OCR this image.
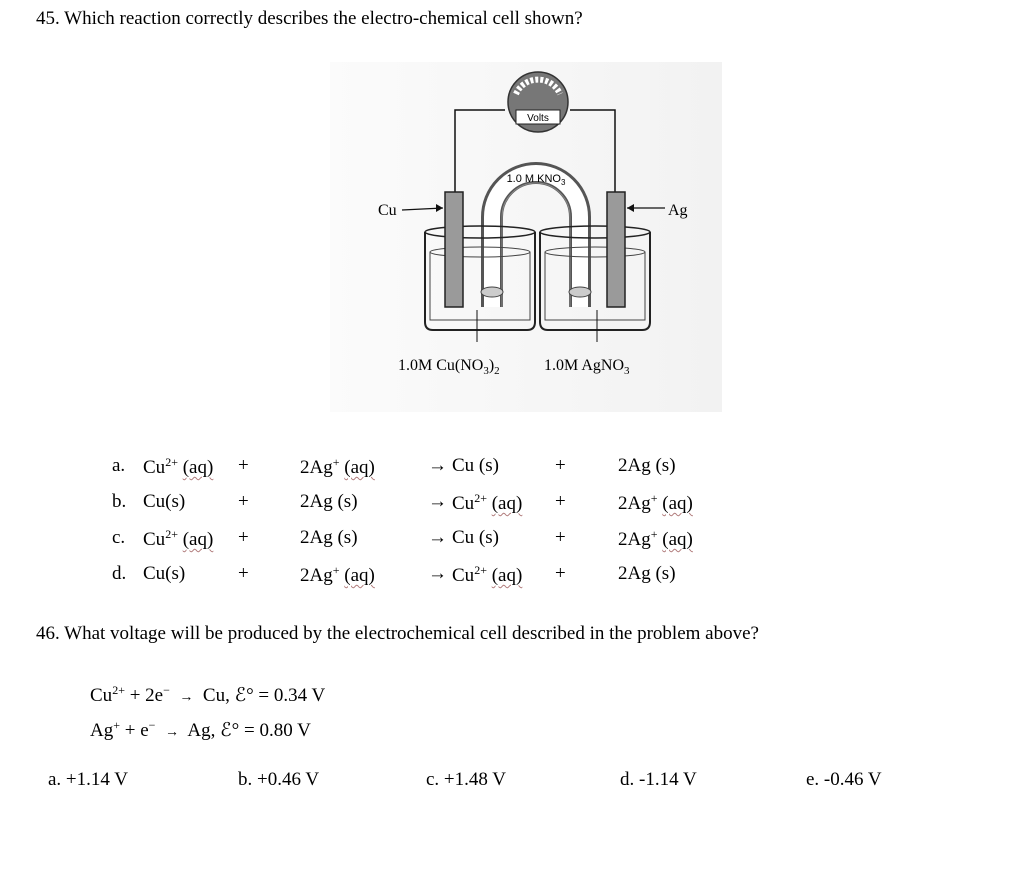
45. Which reaction correctly describes the electro-chemical cell shown?
Volts
1.0 M $KNO_3$
Cu	Ag
1.0M $Cu(NO_3)_2$	1.0M AgNO$_3$
a. $Cu^{2+}$ (aq) +	2Ag+ (aq)	→ Cu (s)	+	2Ag (s)
b. Cu(s)	+	2Ag (s)	→ $Cu^{2+}$ (aq) +	2Ag+ (aq)
c. $Cu^{2+}$ (aq) +	2Ag (s)	→ Cu (s)	+	2Ag+ (aq)
d. Cu(s)	+	2Ag+ (aq)	→ $Cu^{2+}$ (aq) +	2Ag (s)
46. What voltage will be produced by the electrochemical cell described in the problem above?
$Cu^{2+} + 2e^- \to Cu$, ℰ° = 0.34 V
Ag+ + e− → Ag, ℰ° = 0.80 V
a. +1.14 V	b. +0.46 V	c. +1.48 V	d. -1.14 V	e. -0.46 V
